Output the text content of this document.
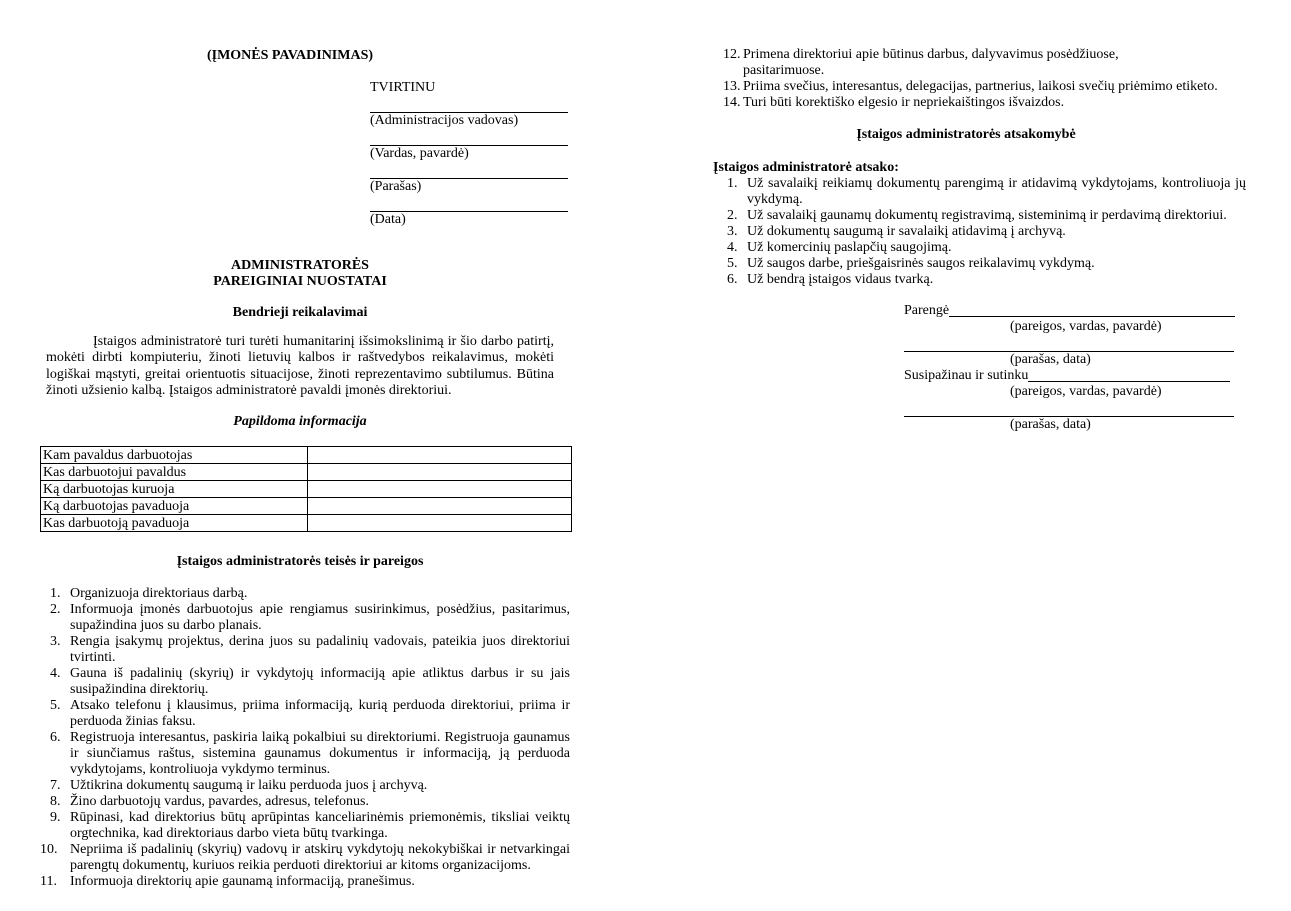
(ĮMONĖS PAVADINIMAS)
TVIRTINU
(Administracijos vadovas)
(Vardas, pavardė)
(Parašas)
(Data)
ADMINISTRATORĖS
PAREIGINIAI NUOSTATAI
Bendrieji reikalavimai
Įstaigos administratorė turi turėti humanitarinį išsimokslinimą ir šio darbo patirtį, mokėti dirbti kompiuteriu, žinoti lietuvių kalbos ir raštvedybos reikalavimus, mokėti logiškai mąstyti, greitai orientuotis situacijose, žinoti reprezentavimo subtilumus. Būtina žinoti užsienio kalbą. Įstaigos administratorė pavaldi įmonės direktoriui.
Papildoma informacija
Kam pavaldus darbuotojas	
Kas darbuotojui pavaldus	
Ką darbuotojas kuruoja	
Ką darbuotojas pavaduoja	
Kas darbuotoją pavaduoja	
Įstaigos administratorės teisės ir pareigos
1. Organizuoja direktoriaus darbą.
2. Informuoja įmonės darbuotojus apie rengiamus susirinkimus, posėdžius, pasitarimus, supažindina juos su darbo planais.
3. Rengia įsakymų projektus, derina juos su padalinių vadovais, pateikia juos direktoriui tvirtinti.
4. Gauna iš padalinių (skyrių) ir vykdytojų informaciją apie atliktus darbus ir su jais susipažindina direktorių.
5. Atsako telefonu į klausimus, priima informaciją, kurią perduoda direktoriui, priima ir perduoda žinias faksu.
6. Registruoja interesantus, paskiria laiką pokalbiui su direktoriumi. Registruoja gaunamus ir siunčiamus raštus, sistemina gaunamus dokumentus ir informaciją, ją perduoda vykdytojams, kontroliuoja vykdymo terminus.
7. Užtikrina dokumentų saugumą ir laiku perduoda juos į archyvą.
8. Žino darbuotojų vardus, pavardes, adresus, telefonus.
9. Rūpinasi, kad direktorius būtų aprūpintas kanceliarinėmis priemonėmis, tiksliai veiktų orgtechnika, kad direktoriaus darbo vieta būtų tvarkinga.
10. Nepriima iš padalinių (skyrių) vadovų ir atskirų vykdytojų nekokybiškai ir netvarkingai parengtų dokumentų, kuriuos reikia perduoti direktoriui ar kitoms organizacijoms.
11. Informuoja direktorių apie gaunamą informaciją, pranešimus.
12. Primena direktoriui apie būtinus darbus, dalyvavimus posėdžiuose,
pasitarimuose.
13. Priima svečius, interesantus, delegacijas, partnerius, laikosi svečių priėmimo etiketo.
14. Turi būti korektiško elgesio ir nepriekaištingos išvaizdos.
Įstaigos administratorės atsakomybė
Įstaigos administratorė atsako:
1. Už savalaikį reikiamų dokumentų parengimą ir atidavimą vykdytojams, kontroliuoja jų vykdymą.
2. Už savalaikį gaunamų dokumentų registravimą, sisteminimą ir perdavimą direktoriui.
3. Už dokumentų saugumą ir savalaikį atidavimą į archyvą.
4. Už komercinių paslapčių saugojimą.
5. Už saugos darbe, priešgaisrinės saugos reikalavimų vykdymą.
6. Už bendrą įstaigos vidaus tvarką.
Parengė
(pareigos, vardas, pavardė)
(parašas, data)
Susipažinau ir sutinku
(pareigos, vardas, pavardė)
(parašas, data)
